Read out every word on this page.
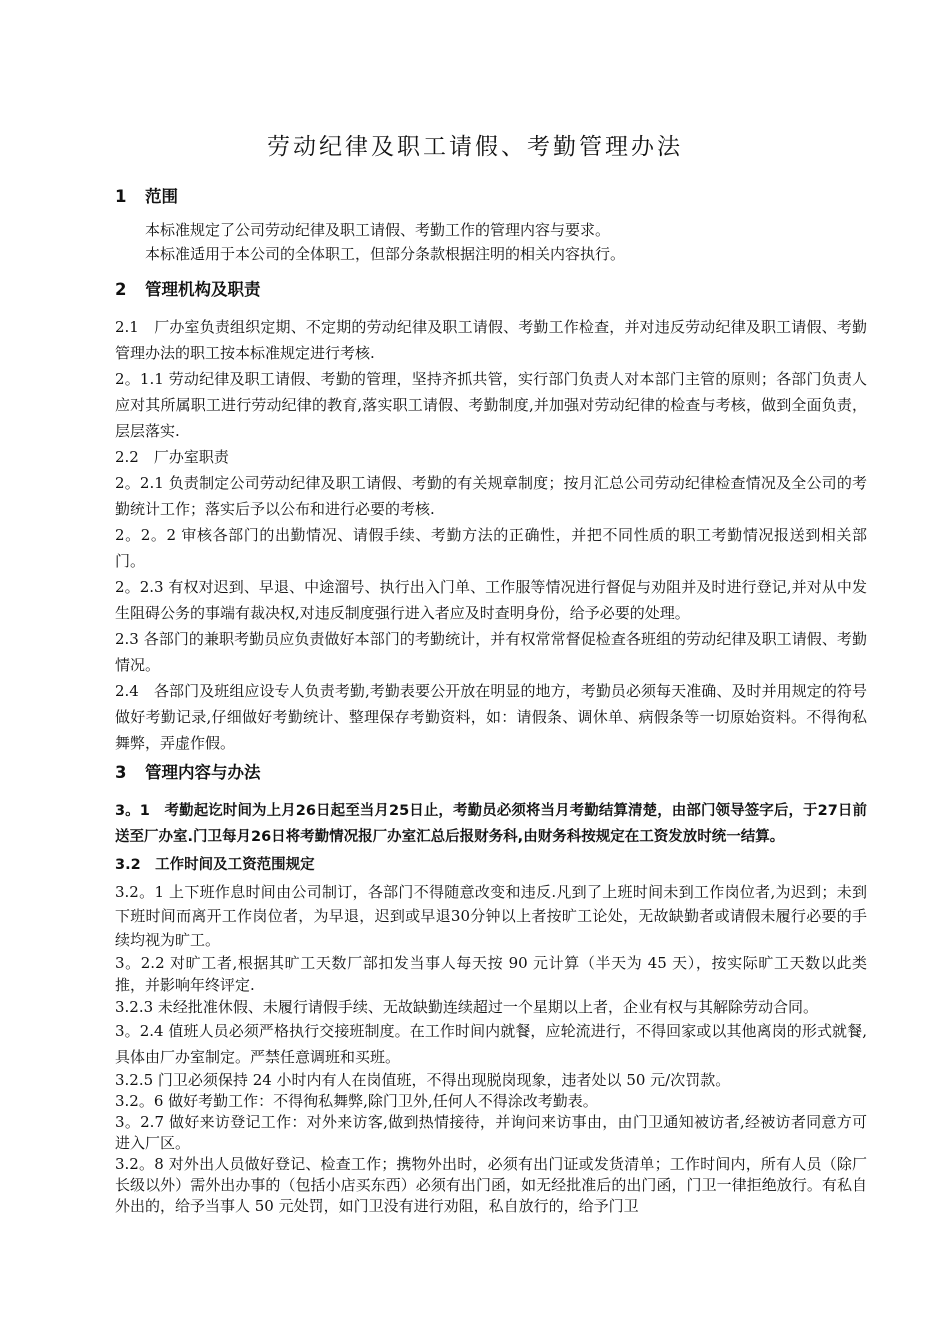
劳动纪律及职工请假、考勤管理办法
1 范围

本标准规定了公司劳动纪律及职工请假、考勤工作的管理内容与要求。

本标准适用于本公司的全体职工，但部分条款根据注明的相关内容执行。

2 管理机构及职责

2.1　厂办室负责组织定期、不定期的劳动纪律及职工请假、考勤工作检查，并对违反劳动纪律及职工请假、考勤管理办法的职工按本标准规定进行考核.

2。1.1 劳动纪律及职工请假、考勤的管理，坚持齐抓共管，实行部门负责人对本部门主管的原则；各部门负责人应对其所属职工进行劳动纪律的教育,落实职工请假、考勤制度,并加强对劳动纪律的检查与考核，做到全面负责，层层落实.

2.2　厂办室职责

2。2.1 负责制定公司劳动纪律及职工请假、考勤的有关规章制度；按月汇总公司劳动纪律检查情况及全公司的考勤统计工作；落实后予以公布和进行必要的考核.

2。2。2 审核各部门的出勤情况、请假手续、考勤方法的正确性，并把不同性质的职工考勤情况报送到相关部门。

2。2.3 有权对迟到、早退、中途溜号、执行出入门单、工作服等情况进行督促与劝阻并及时进行登记,并对从中发生阻碍公务的事端有裁决权,对违反制度强行进入者应及时查明身份，给予必要的处理。

2.3 各部门的兼职考勤员应负责做好本部门的考勤统计，并有权常常督促检查各班组的劳动纪律及职工请假、考勤情况。

2.4　各部门及班组应设专人负责考勤,考勤表要公开放在明显的地方，考勤员必须每天准确、及时并用规定的符号做好考勤记录,仔细做好考勤统计、整理保存考勤资料，如：请假条、调休单、病假条等一切原始资料。不得徇私舞弊，弄虚作假。

3 管理内容与办法

3。1　考勤起讫时间为上月26日起至当月25日止，考勤员必须将当月考勤结算清楚，由部门领导签字后，于27日前送至厂办室.门卫每月26日将考勤情况报厂办室汇总后报财务科,由财务科按规定在工资发放时统一结算。

3.2　工作时间及工资范围规定

3.2。1 上下班作息时间由公司制订，各部门不得随意改变和违反.凡到了上班时间未到工作岗位者,为迟到；未到下班时间而离开工作岗位者，为早退，迟到或早退30分钟以上者按旷工论处，无故缺勤者或请假未履行必要的手续均视为旷工。

3。2.2 对旷工者,根据其旷工天数厂部扣发当事人每天按 90 元计算（半天为 45 天），按实际旷工天数以此类推，并影响年终评定.

3.2.3 未经批准休假、未履行请假手续、无故缺勤连续超过一个星期以上者，企业有权与其解除劳动合同。

3。2.4 值班人员必须严格执行交接班制度。在工作时间内就餐，应轮流进行，不得回家或以其他离岗的形式就餐,具体由厂办室制定。严禁任意调班和买班。

3.2.5 门卫必须保持 24 小时内有人在岗值班，不得出现脱岗现象，违者处以 50 元/次罚款。

3.2。6 做好考勤工作：不得徇私舞弊,除门卫外,任何人不得涂改考勤表。

3。2.7 做好来访登记工作：对外来访客,做到热情接待，并询问来访事由，由门卫通知被访者,经被访者同意方可进入厂区。

3.2。8 对外出人员做好登记、检查工作；携物外出时，必须有出门证或发货清单；工作时间内，所有人员（除厂长级以外）需外出办事的（包括小店买东西）必须有出门函，如无经批准后的出门函，门卫一律拒绝放行。有私自外出的，给予当事人 50 元处罚，如门卫没有进行劝阻，私自放行的，给予门卫
